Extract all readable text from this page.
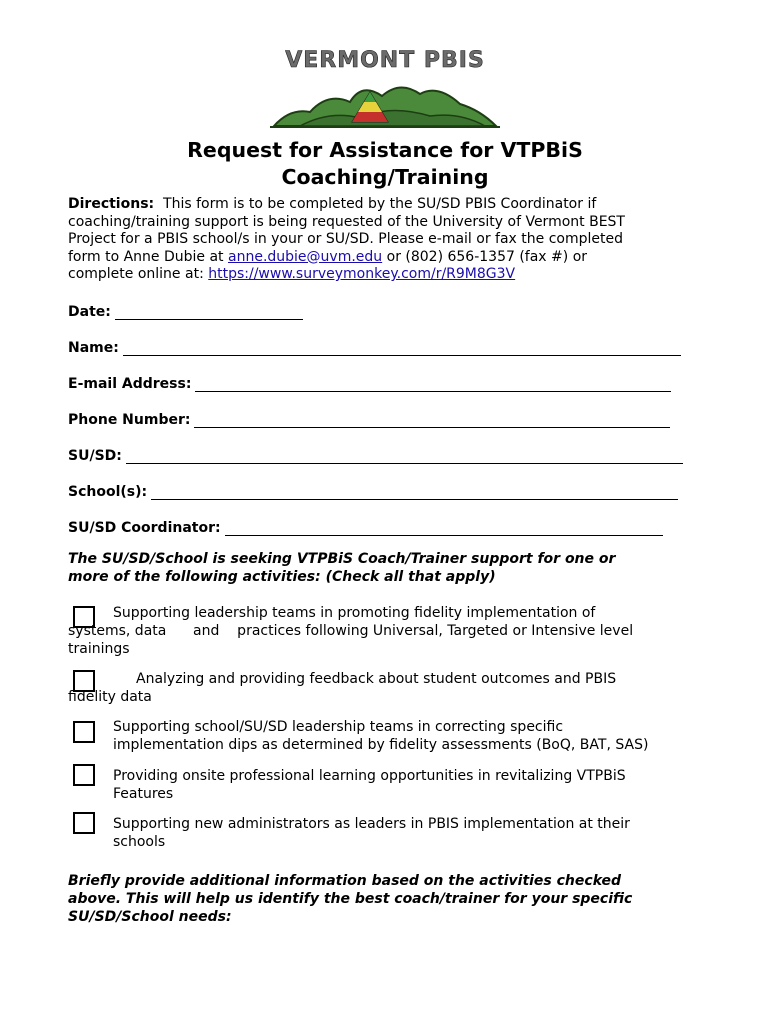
VERMONT PBIS
Request for Assistance for VTPBiS
Coaching/Training
Directions: This form is to be completed by the SU/SD PBIS Coordinator if
coaching/training support is being requested of the University of Vermont BEST
Project for a PBIS school/s in your or SU/SD. Please e-mail or fax the completed
form to Anne Dubie at anne.dubie@uvm.edu or (802) 656-1357 (fax #) or
complete online at: https://www.surveymonkey.com/r/R9M8G3V
Date:
Name:
E-mail Address:
Phone Number:
SU/SD:
School(s):
SU/SD Coordinator:
The SU/SD/School is seeking VTPBiS Coach/Trainer support for one or
more of the following activities: (Check all that apply)
Supporting leadership teams in promoting fidelity implementation of
systems, data      and    practices following Universal, Targeted or Intensive level
trainings
Analyzing and providing feedback about student outcomes and PBIS
fidelity data
Supporting school/SU/SD leadership teams in correcting specific
implementation dips as determined by fidelity assessments (BoQ, BAT, SAS)
Providing onsite professional learning opportunities in revitalizing VTPBiS
Features
Supporting new administrators as leaders in PBIS implementation at their
schools
Briefly provide additional information based on the activities checked
above. This will help us identify the best coach/trainer for your specific
SU/SD/School needs:
